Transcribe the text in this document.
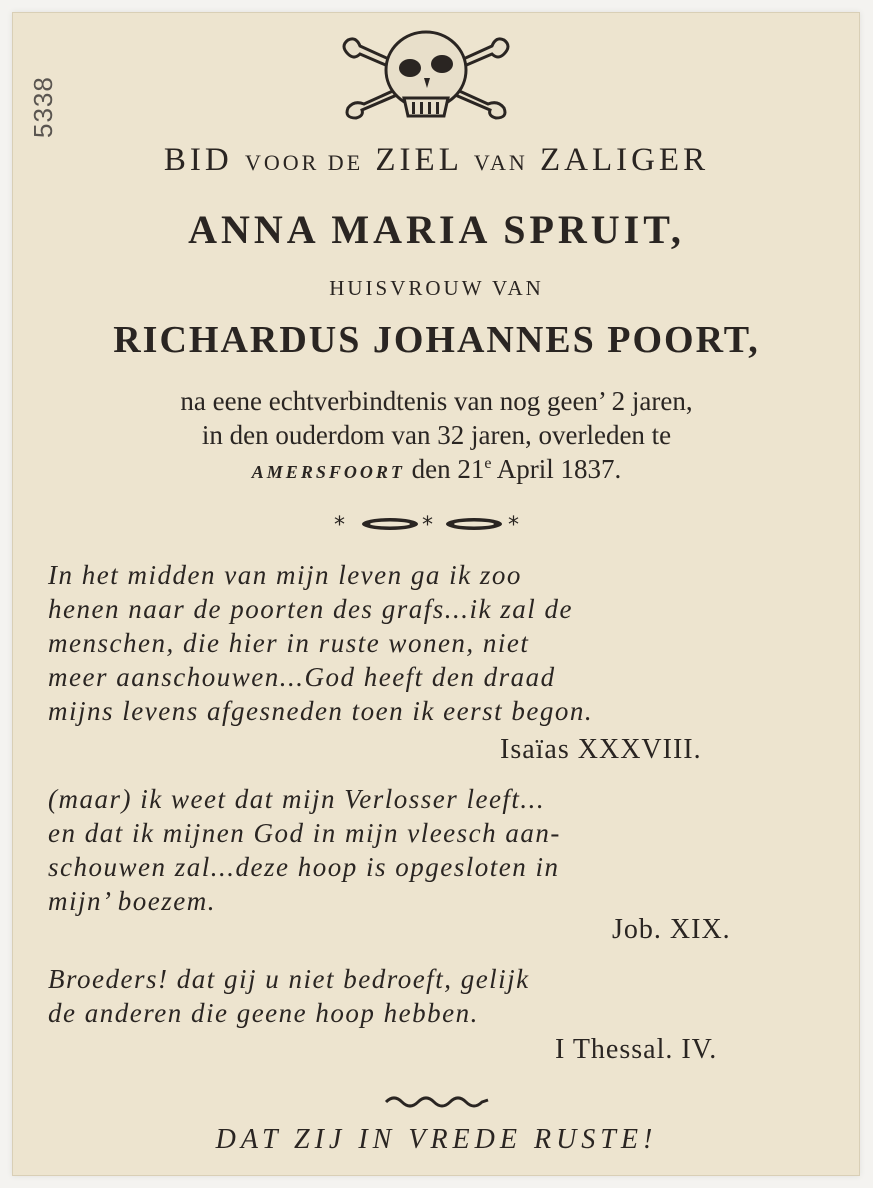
5338
BID VOOR DE ZIEL VAN ZALIGER
ANNA MARIA SPRUIT,
HUISVROUW VAN
RICHARDUS JOHANNES POORT,
na eene echtverbindtenis van nog geen’ 2 jaren,
in den ouderdom van 32 jaren, overleden te
AMERSFOORT den 21e April 1837.
*	*	*
In het midden van mijn leven ga ik zoo
henen naar de poorten des grafs...ik zal de
menschen, die hier in ruste wonen, niet
meer aanschouwen...God heeft den draad
mijns levens afgesneden toen ik eerst begon.
Isaïas XXXVIII.
(maar) ik weet dat mijn Verlosser leeft...
en dat ik mijnen God in mijn vleesch aan-
schouwen zal...deze hoop is opgesloten in
mijn’ boezem.
Job. XIX.
Broeders! dat gij u niet bedroeft, gelijk
de anderen die geene hoop hebben.
I Thessal. IV.
DAT ZIJ IN VREDE RUSTE!
